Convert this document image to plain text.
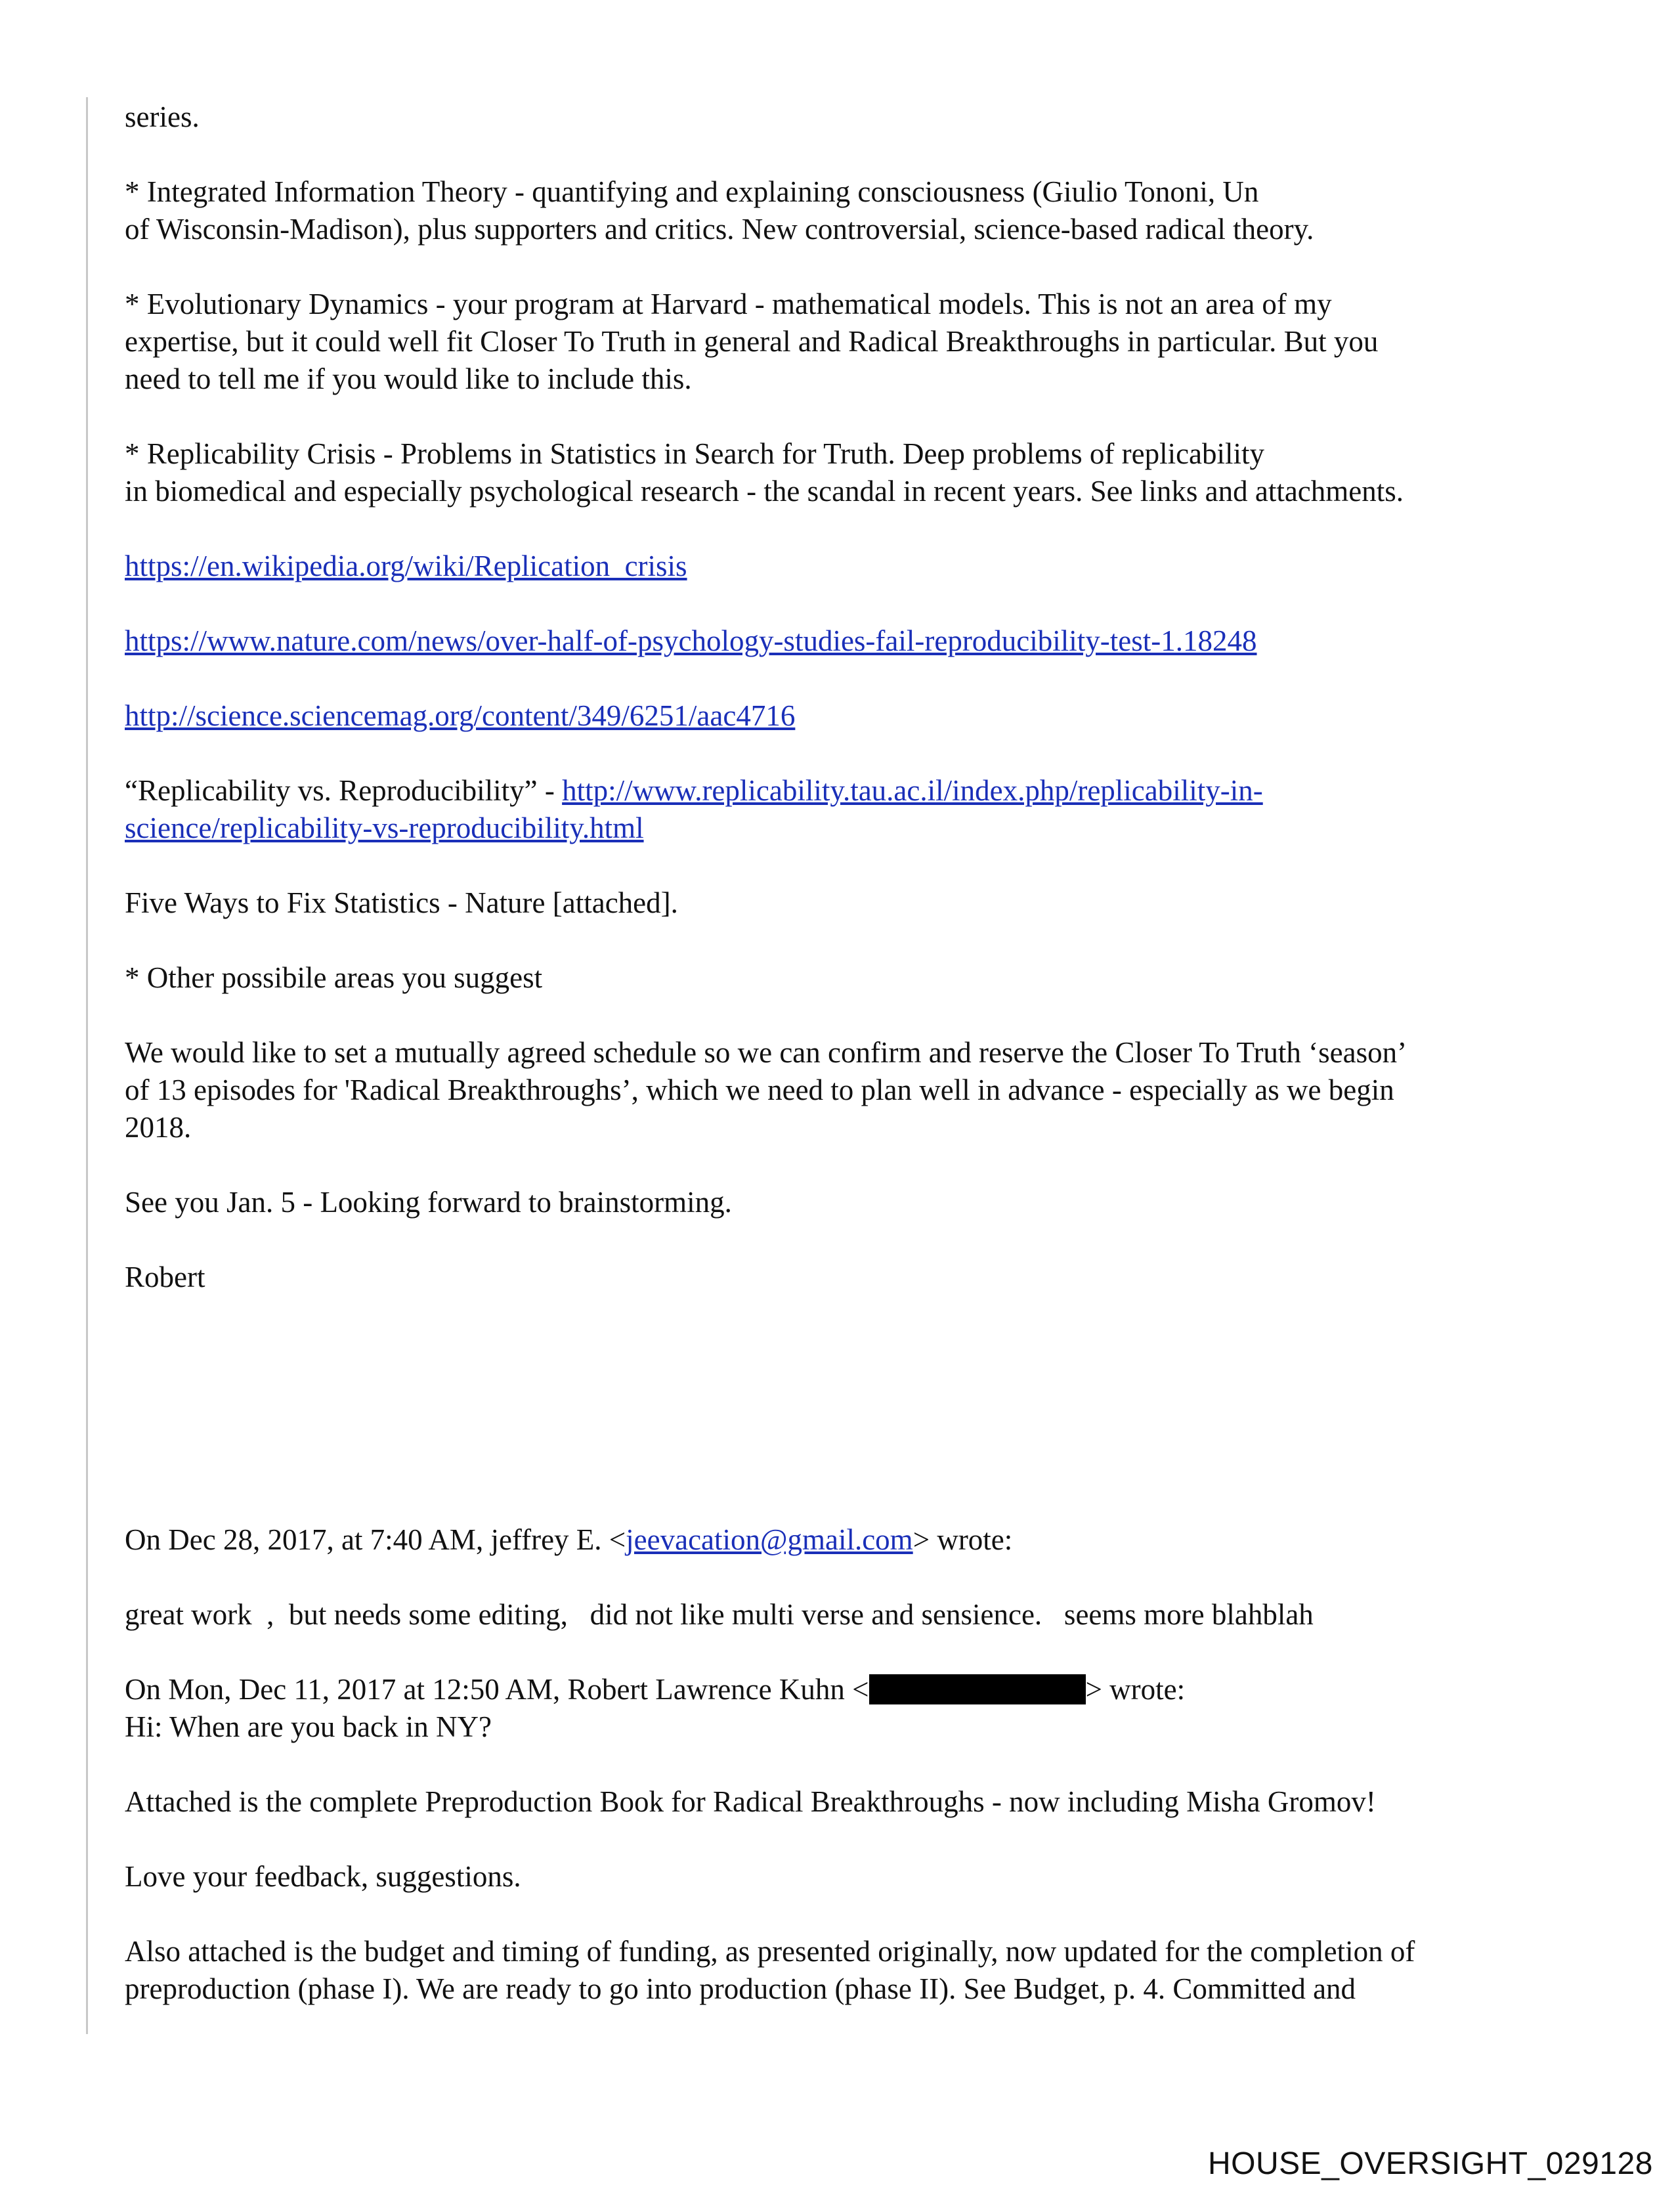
series.

* Integrated Information Theory - quantifying and explaining consciousness (Giulio Tononi, Un
of Wisconsin-Madison), plus supporters and critics. New controversial, science-based radical theory.

* Evolutionary Dynamics - your program at Harvard - mathematical models. This is not an area of my
expertise, but it could well fit Closer To Truth in general and Radical Breakthroughs in particular. But you
need to tell me if you would like to include this.

* Replicability Crisis - Problems in Statistics in Search for Truth. Deep problems of replicability
in biomedical and especially psychological research - the scandal in recent years. See links and attachments.

https://en.wikipedia.org/wiki/Replication_crisis

https://www.nature.com/news/over-half-of-psychology-studies-fail-reproducibility-test-1.18248

http://science.sciencemag.org/content/349/6251/aac4716

“Replicability vs. Reproducibility” - http://www.replicability.tau.ac.il/index.php/replicability-in-
science/replicability-vs-reproducibility.html

Five Ways to Fix Statistics - Nature [attached].

* Other possibile areas you suggest

We would like to set a mutually agreed schedule so we can confirm and reserve the Closer To Truth ‘season’
of 13 episodes for 'Radical Breakthroughs’, which we need to plan well in advance - especially as we begin
2018.

See you Jan. 5 - Looking forward to brainstorming.

Robert

On Dec 28, 2017, at 7:40 AM, jeffrey E. <jeevacation@gmail.com> wrote:

great work  ,  but needs some editing,   did not like multi verse and sensience.   seems more blahblah

On Mon, Dec 11, 2017 at 12:50 AM, Robert Lawrence Kuhn <	> wrote:
Hi: When are you back in NY?

Attached is the complete Preproduction Book for Radical Breakthroughs - now including Misha Gromov!

Love your feedback, suggestions.

Also attached is the budget and timing of funding, as presented originally, now updated for the completion of
preproduction (phase I). We are ready to go into production (phase II). See Budget, p. 4. Committed and

HOUSE_OVERSIGHT_029128
